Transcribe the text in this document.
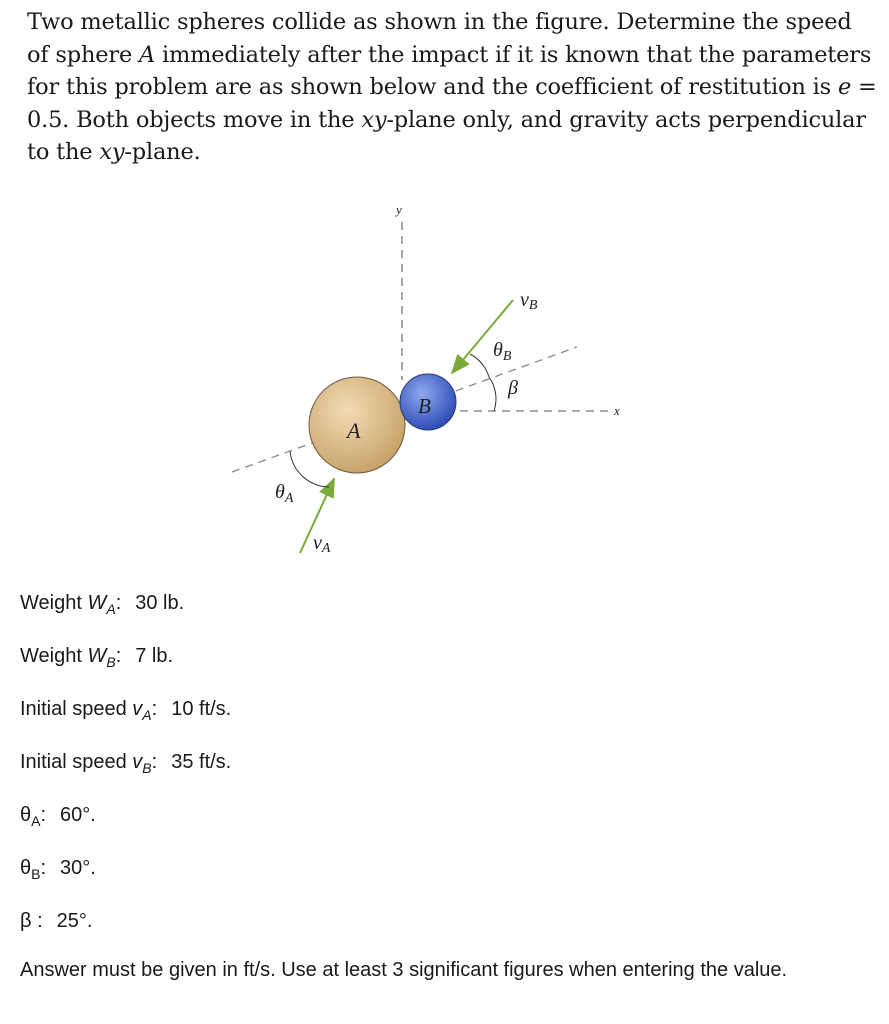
Two metallic spheres collide as shown in the figure. Determine the speed of sphere A immediately after the impact if it is known that the parameters for this problem are as shown below and the coefficient of restitution is e = 0.5. Both objects move in the xy-plane only, and gravity acts perpendicular to the xy-plane.
y
x
A
B
vB
$\theta_B$
β
$\theta_A$
vA
Weight $W_A$: 30 lb.
Weight $W_B$: 7 lb.
Initial speed $v_A$: 10 ft/s.
Initial speed $v_B$: 35 ft/s.
$\theta_A$: 60°.
$\theta_B$: 30°.
β : 25°.
Answer must be given in ft/s. Use at least 3 significant figures when entering the value.
